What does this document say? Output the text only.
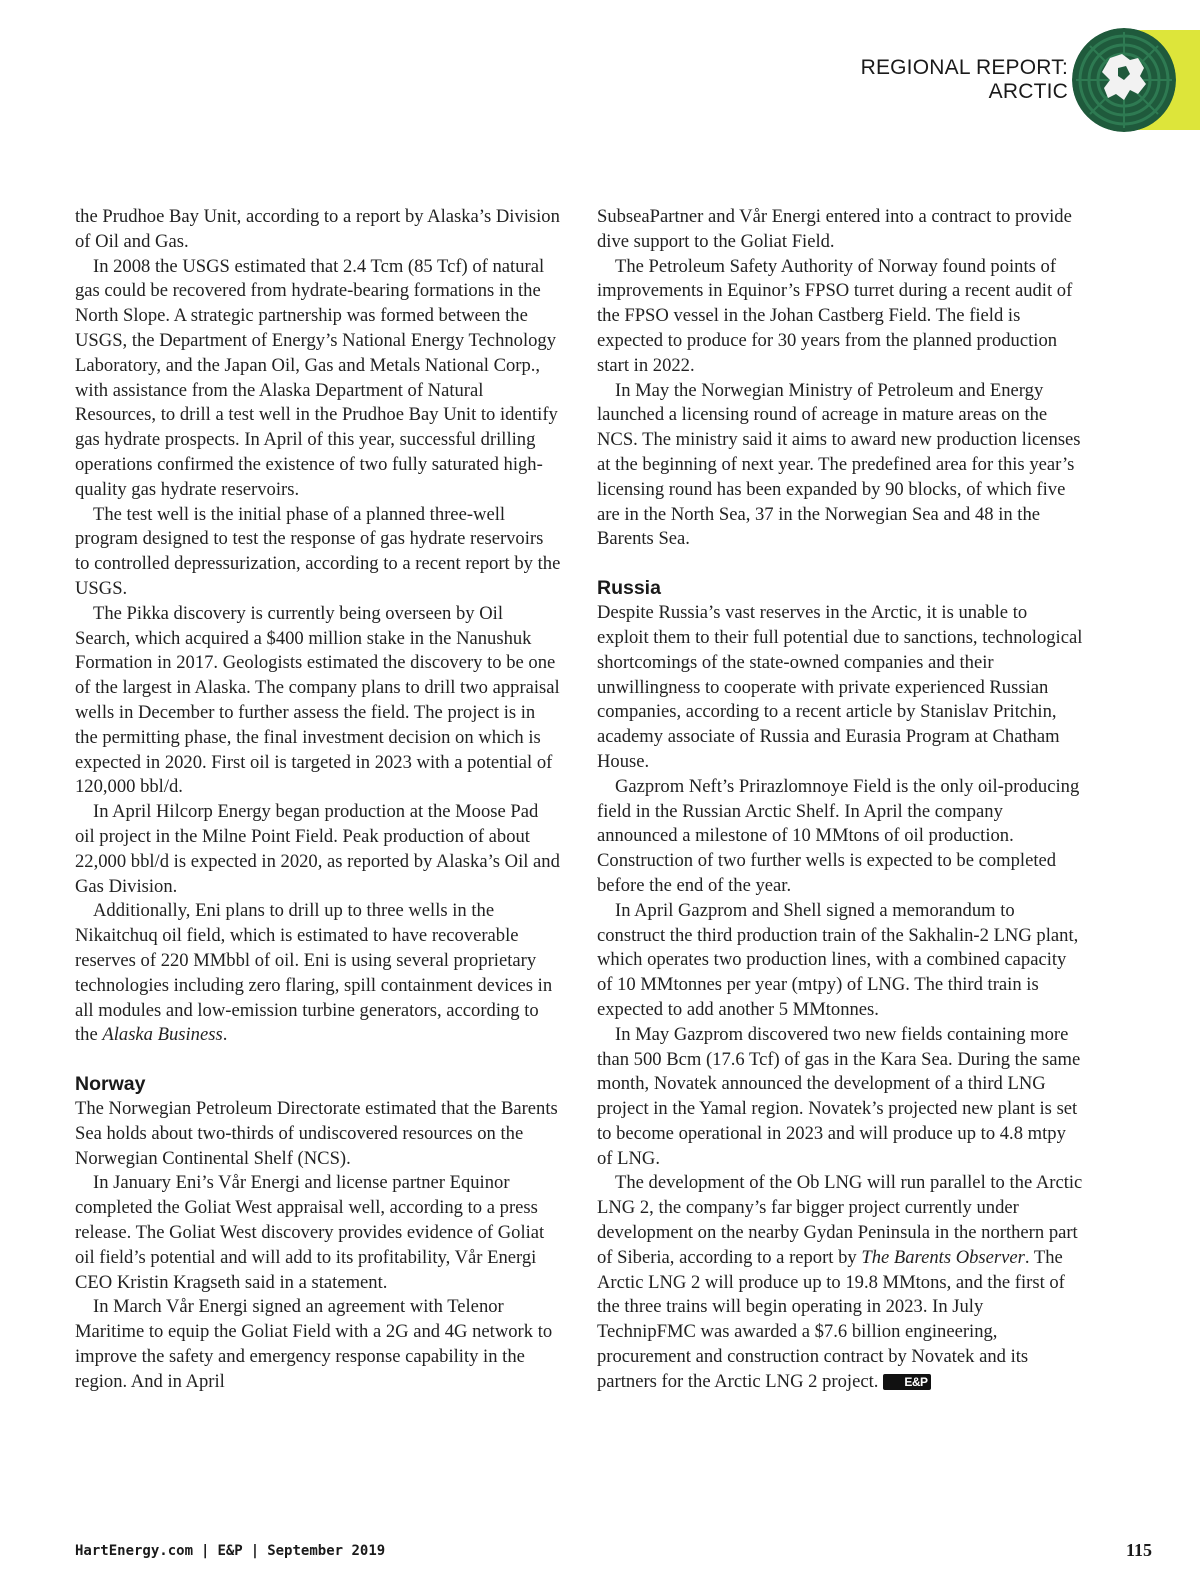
REGIONAL REPORT:
ARCTIC

the Prudhoe Bay Unit, according to a report by Alaska’s Division of Oil and Gas.

In 2008 the USGS estimated that 2.4 Tcm (85 Tcf) of natural gas could be recovered from hydrate-bearing formations in the North Slope. A strategic partnership was formed between the USGS, the Department of Energy’s National Energy Technology Laboratory, and the Japan Oil, Gas and Metals National Corp., with assistance from the Alaska Department of Natural Resources, to drill a test well in the Prudhoe Bay Unit to identify gas hydrate prospects. In April of this year, successful drilling operations confirmed the existence of two fully saturated high-quality gas hydrate reservoirs.

The test well is the initial phase of a planned three-well program designed to test the response of gas hydrate reservoirs to controlled depressurization, according to a recent report by the USGS.

The Pikka discovery is currently being overseen by Oil Search, which acquired a $400 million stake in the Nanushuk Formation in 2017. Geologists estimated the discovery to be one of the largest in Alaska. The company plans to drill two appraisal wells in December to further assess the field. The project is in the permitting phase, the final investment decision on which is expected in 2020. First oil is targeted in 2023 with a potential of 120,000 bbl/d.

In April Hilcorp Energy began production at the Moose Pad oil project in the Milne Point Field. Peak production of about 22,000 bbl/d is expected in 2020, as reported by Alaska’s Oil and Gas Division.

Additionally, Eni plans to drill up to three wells in the Nikaitchuq oil field, which is estimated to have recoverable reserves of 220 MMbbl of oil. Eni is using several proprietary technologies including zero flaring, spill containment devices in all modules and low-emission turbine generators, according to the Alaska Business.

Norway

The Norwegian Petroleum Directorate estimated that the Barents Sea holds about two-thirds of undiscovered resources on the Norwegian Continental Shelf (NCS).

In January Eni’s Vår Energi and license partner Equinor completed the Goliat West appraisal well, according to a press release. The Goliat West discovery provides evidence of Goliat oil field’s potential and will add to its profitability, Vår Energi CEO Kristin Kragseth said in a statement.

In March Vår Energi signed an agreement with Telenor Maritime to equip the Goliat Field with a 2G and 4G network to improve the safety and emergency response capability in the region. And in April

SubseaPartner and Vår Energi entered into a contract to provide dive support to the Goliat Field.

The Petroleum Safety Authority of Norway found points of improvements in Equinor’s FPSO turret during a recent audit of the FPSO vessel in the Johan Castberg Field. The field is expected to produce for 30 years from the planned production start in 2022.

In May the Norwegian Ministry of Petroleum and Energy launched a licensing round of acreage in mature areas on the NCS. The ministry said it aims to award new production licenses at the beginning of next year. The predefined area for this year’s licensing round has been expanded by 90 blocks, of which five are in the North Sea, 37 in the Norwegian Sea and 48 in the Barents Sea.

Russia

Despite Russia’s vast reserves in the Arctic, it is unable to exploit them to their full potential due to sanctions, technological shortcomings of the state-owned companies and their unwillingness to cooperate with private experienced Russian companies, according to a recent article by Stanislav Pritchin, academy associate of Russia and Eurasia Program at Chatham House.

Gazprom Neft’s Prirazlomnoye Field is the only oil-producing field in the Russian Arctic Shelf. In April the company announced a milestone of 10 MMtons of oil production. Construction of two further wells is expected to be completed before the end of the year.

In April Gazprom and Shell signed a memorandum to construct the third production train of the Sakhalin-2 LNG plant, which operates two production lines, with a combined capacity of 10 MMtonnes per year (mtpy) of LNG. The third train is expected to add another 5 MMtonnes.

In May Gazprom discovered two new fields containing more than 500 Bcm (17.6 Tcf) of gas in the Kara Sea. During the same month, Novatek announced the development of a third LNG project in the Yamal region. Novatek’s projected new plant is set to become operational in 2023 and will produce up to 4.8 mtpy of LNG.

The development of the Ob LNG will run parallel to the Arctic LNG 2, the company’s far bigger project currently under development on the nearby Gydan Peninsula in the northern part of Siberia, according to a report by The Barents Observer. The Arctic LNG 2 will produce up to 19.8 MMtons, and the first of the three trains will begin operating in 2023. In July TechnipFMC was awarded a $7.6 billion engineering, procurement and construction contract by Novatek and its partners for the Arctic LNG 2 project. E&P

HartEnergy.com | E&P | September 2019	115
